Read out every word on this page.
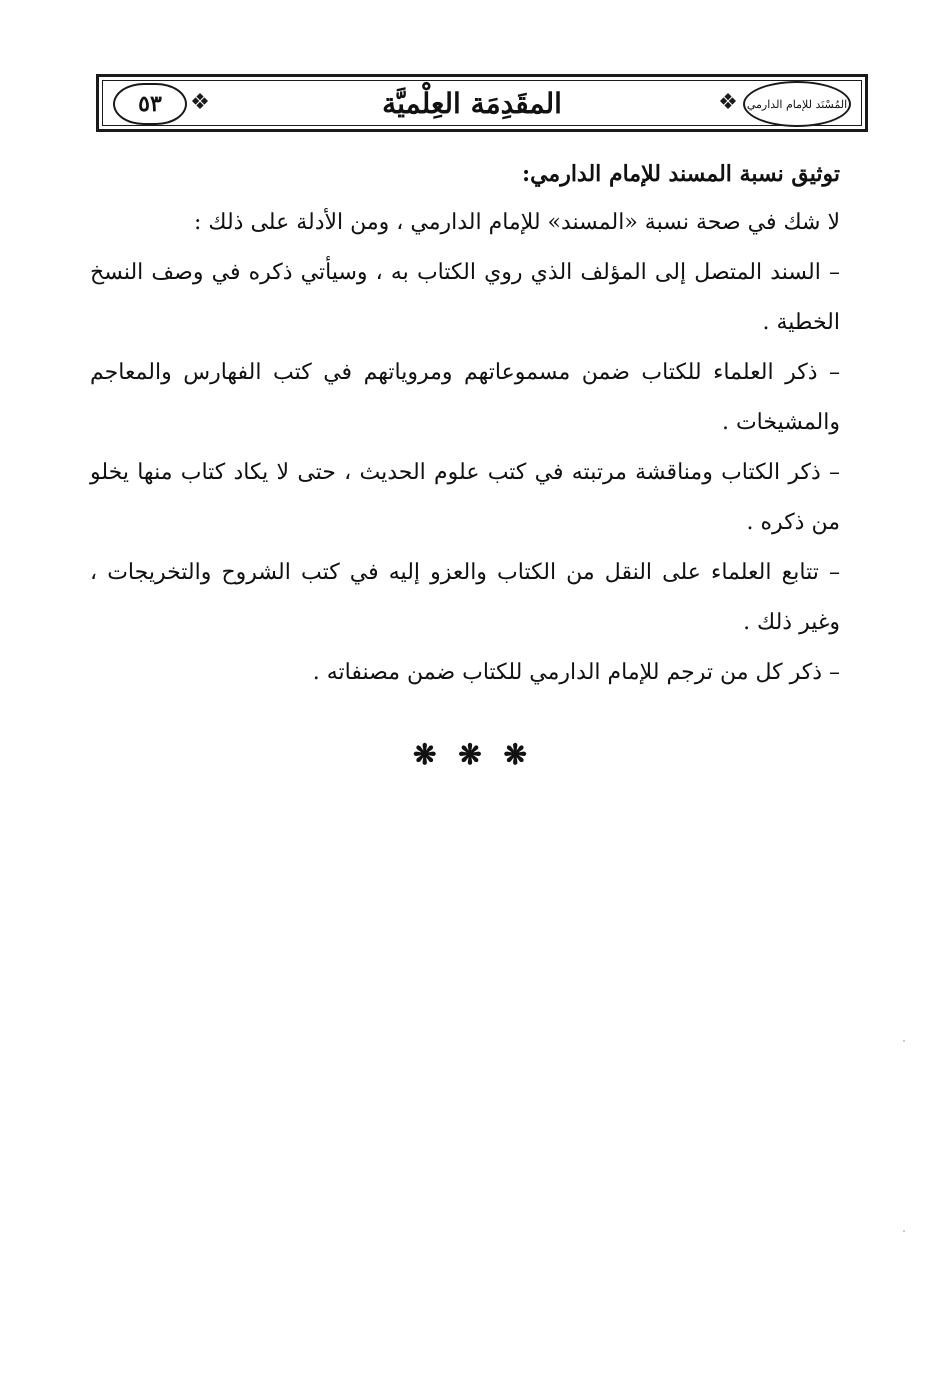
٥٣	❖	المقَدِمَة العِلْميَّة	❖ المُسْنَد للإمام الدارمي

توثيق نسبة المسند للإمام الدارمي:

لا شك في صحة نسبة «المسند» للإمام الدارمي ، ومن الأدلة على ذلك :

– السند المتصل إلى المؤلف الذي روي الكتاب به ، وسيأتي ذكره في وصف النسخ الخطية .

– ذكر العلماء للكتاب ضمن مسموعاتهم ومروياتهم في كتب الفهارس والمعاجم والمشيخات .

– ذكر الكتاب ومناقشة مرتبته في كتب علوم الحديث ، حتى لا يكاد كتاب منها يخلو من ذكره .

– تتابع العلماء على النقل من الكتاب والعزو إليه في كتب الشروح والتخريجات ، وغير ذلك .

– ذكر كل من ترجم للإمام الدارمي للكتاب ضمن مصنفاته .

❋ ❋ ❋
